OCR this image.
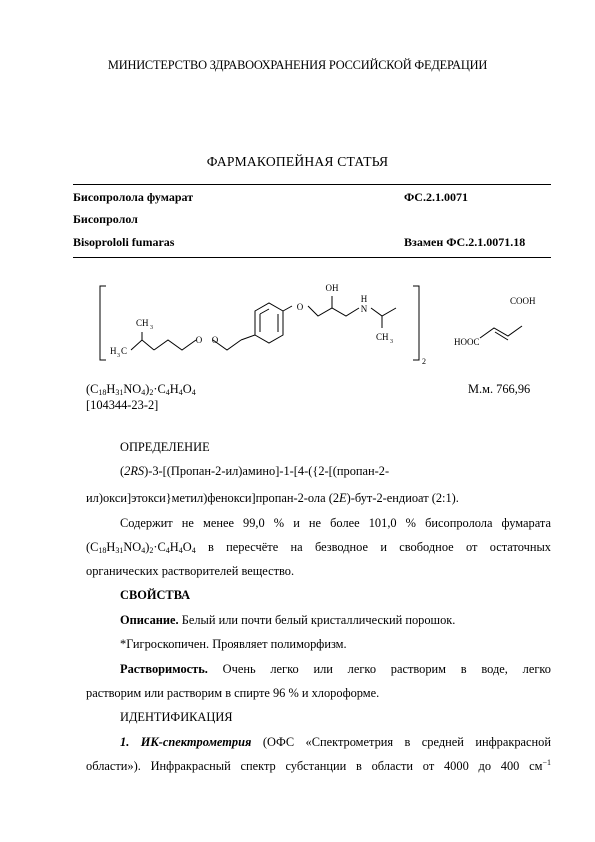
МИНИСТЕРСТВО ЗДРАВООХРАНЕНИЯ РОССИЙСКОЙ ФЕДЕРАЦИИ
ФАРМАКОПЕЙНАЯ СТАТЬЯ
Бисопролола фумарат	ФС.2.1.0071
Бисопролол
Bisoprololi fumaras	Взамен ФС.2.1.0071.18
OH
H
N
O O
O
CH 3
H 3 C
CH 3
2
COOH
HOOC
$(C_{18}H_{31}NO_4)_2\cdot C_4H_4O_4$	М.м. 766,96
[104344-23-2]
ОПРЕДЕЛЕНИЕ
(2RS)-3-[(Пропан-2-ил)амино]-1-[4-({2-[(пропан-2-
ил)окси]этокси}метил)фенокси]пропан-2-ола (2E)-бут-2-ендиоат (2:1).
Содержит не менее 99,0 % и не более 101,0 % бисопролола фумарата
$(C_{18}H_{31}NO_4)_2\cdot C_4H_4O_4$ в пересчёте на безводное и свободное от остаточных
органических растворителей вещество.
СВОЙСТВА
Описание. Белый или почти белый кристаллический порошок.
*Гигроскопичен. Проявляет полиморфизм.
Растворимость. Очень легко или легко растворим в воде, легко
растворим или растворим в спирте 96 % и хлороформе.
ИДЕНТИФИКАЦИЯ
1. ИК-спектрометрия (ОФС «Спектрометрия в средней инфракрасной
области»). Инфракрасный спектр субстанции в области от 4000 до 400 $см^{-1}$
